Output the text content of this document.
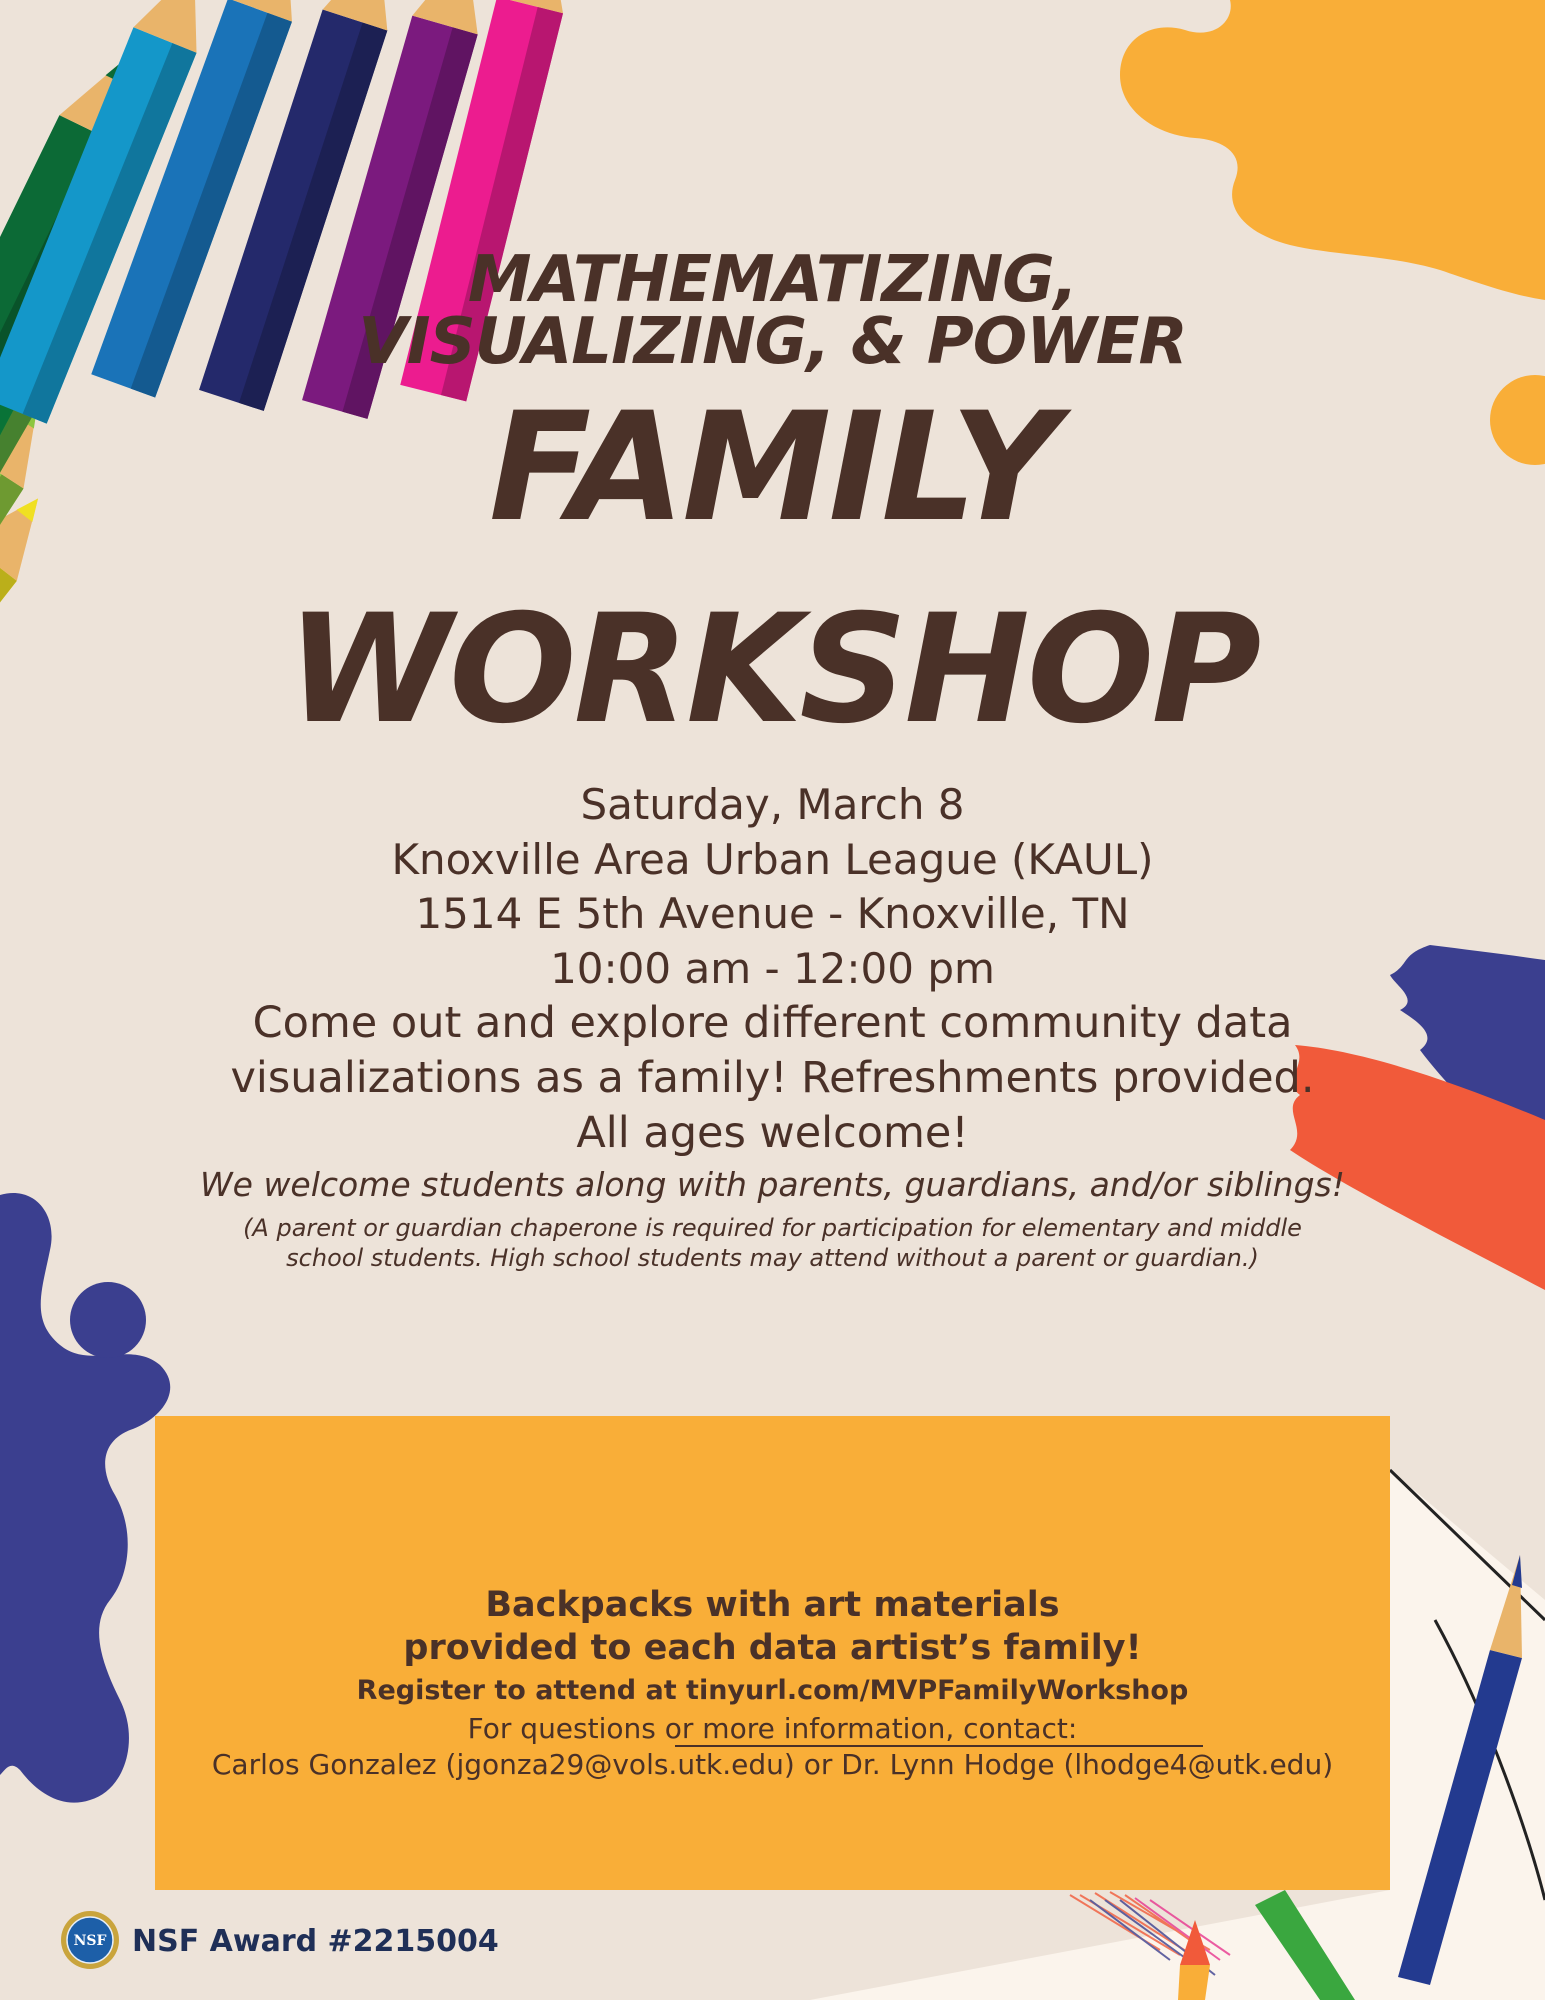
MATHEMATIZING,
VISUALIZING, & POWER
FAMILY
WORKSHOP
Saturday, March 8
Knoxville Area Urban League (KAUL)
1514 E 5th Avenue - Knoxville, TN
10:00 am - 12:00 pm
Come out and explore different community data
visualizations as a family! Refreshments provided.
All ages welcome!
We welcome students along with parents, guardians, and/or siblings!
(A parent or guardian chaperone is required for participation for elementary and middle
school students. High school students may attend without a parent or guardian.)
Backpacks with art materials
provided to each data artist’s family!
Register to attend at tinyurl.com/MVPFamilyWorkshop
For questions or more information, contact:
Carlos Gonzalez (jgonza29@vols.utk.edu) or Dr. Lynn Hodge (lhodge4@utk.edu)
NSF NSF Award #2215004
